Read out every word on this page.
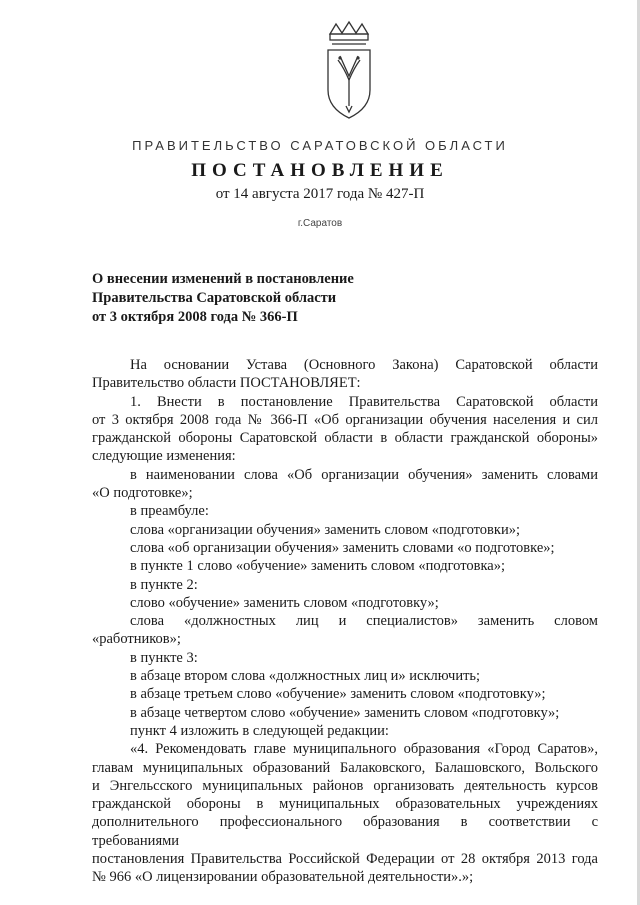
ПРАВИТЕЛЬСТВО САРАТОВСКОЙ ОБЛАСТИ
ПОСТАНОВЛЕНИЕ
от 14 августа 2017 года № 427-П
г.Саратов
О внесении изменений в постановление
Правительства Саратовской области
от 3 октября 2008 года № 366-П

На основании Устава (Основного Закона) Саратовской области

Правительство области ПОСТАНОВЛЯЕТ:

1. Внести в постановление Правительства Саратовской области

от 3 октября 2008 года № 366-П «Об организации обучения населения и сил

гражданской обороны Саратовской области в области гражданской обороны»

следующие изменения:

в наименовании слова «Об организации обучения» заменить словами

«О подготовке»;

в преамбуле:

слова «организации обучения» заменить словом «подготовки»;

слова «об организации обучения» заменить словами «о подготовке»;

в пункте 1 слово «обучение» заменить словом «подготовка»;

в пункте 2:

слово «обучение» заменить словом «подготовку»;

слова «должностных лиц и специалистов» заменить словом

«работников»;

в пункте 3:

в абзаце втором слова «должностных лиц и» исключить;

в абзаце третьем слово «обучение» заменить словом «подготовку»;

в абзаце четвертом слово «обучение» заменить словом «подготовку»;

пункт 4 изложить в следующей редакции:

«4. Рекомендовать главе муниципального образования «Город Саратов»,

главам муниципальных образований Балаковского, Балашовского, Вольского

и Энгельсского муниципальных районов организовать деятельность курсов

гражданской обороны в муниципальных образовательных учреждениях

дополнительного профессионального образования в соответствии с требованиями

постановления Правительства Российской Федерации от 28 октября 2013 года

№ 966 «О лицензировании образовательной деятельности».»;
